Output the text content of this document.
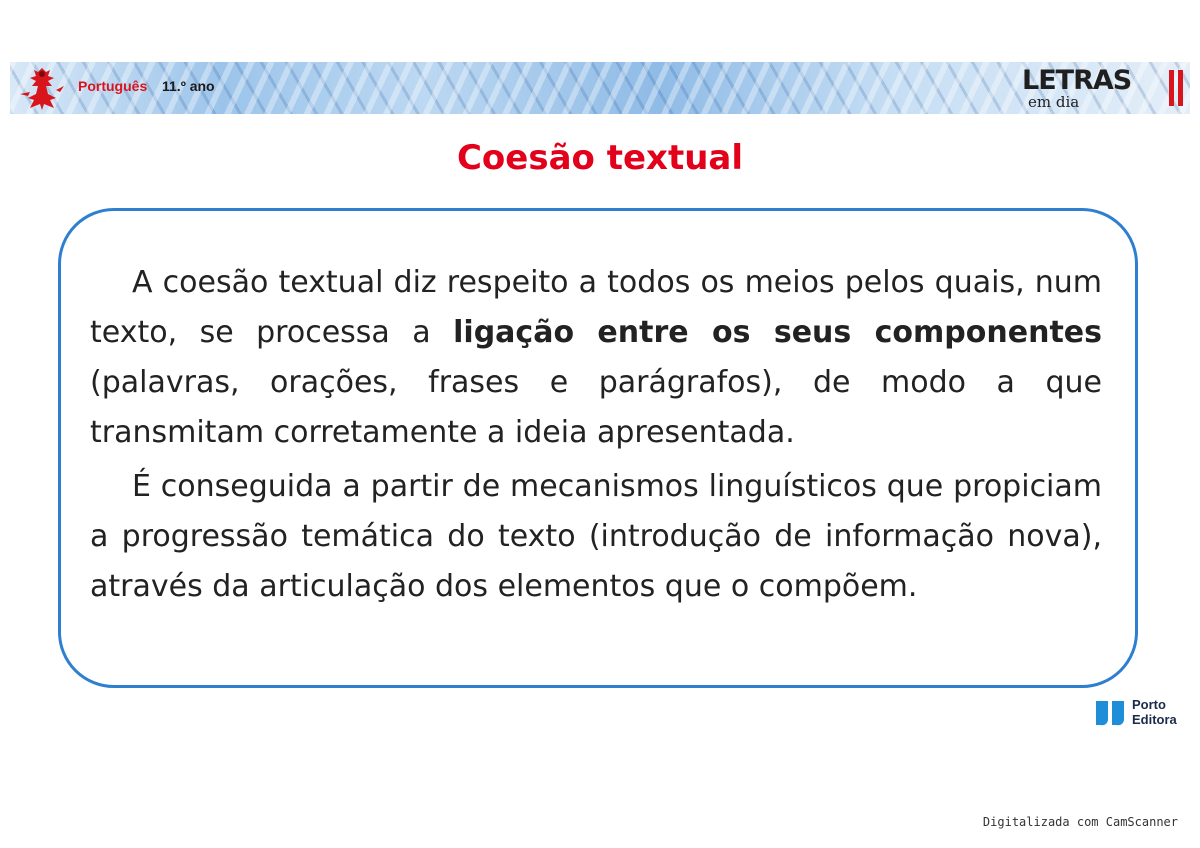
Português 11.º ano	LETRAS
em dia
Coesão textual

A coesão textual diz respeito a todos os meios pelos quais, num texto, se processa a ligação entre os seus componentes (palavras, orações, frases e parágrafos), de modo a que transmitam corretamente a ideia apresentada.

É conseguida a partir de mecanismos linguísticos que propiciam a progressão temática do texto (introdução de informação nova), através da articulação dos elementos que o compõem.

Porto
Editora
Digitalizada com CamScanner
